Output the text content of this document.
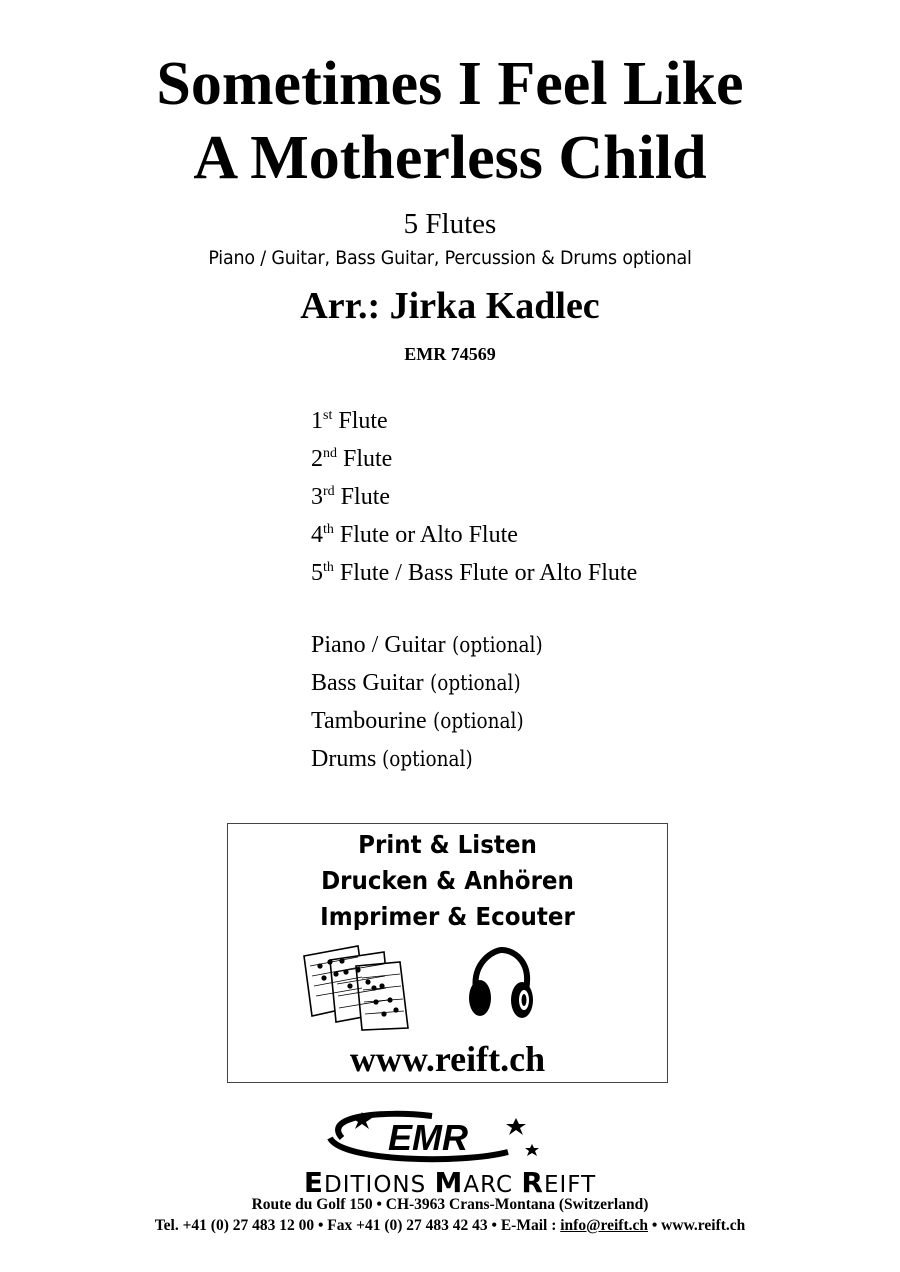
Sometimes I Feel Like
A Motherless Child
5 Flutes
Piano / Guitar, Bass Guitar, Percussion & Drums optional
Arr.: Jirka Kadlec
EMR 74569
1st Flute
2nd Flute
3rd Flute
4th Flute or Alto Flute
5th Flute / Bass Flute or Alto Flute
Piano / Guitar (optional)
Bass Guitar (optional)
Tambourine (optional)
Drums (optional)
Print & Listen
Drucken & Anhören
Imprimer & Ecouter
www.reift.ch
EMR
EDITIONS MARC REIFT
Route du Golf 150 • CH-3963 Crans-Montana (Switzerland)
Tel. +41 (0) 27 483 12 00 • Fax +41 (0) 27 483 42 43 • E-Mail : info@reift.ch • www.reift.ch
